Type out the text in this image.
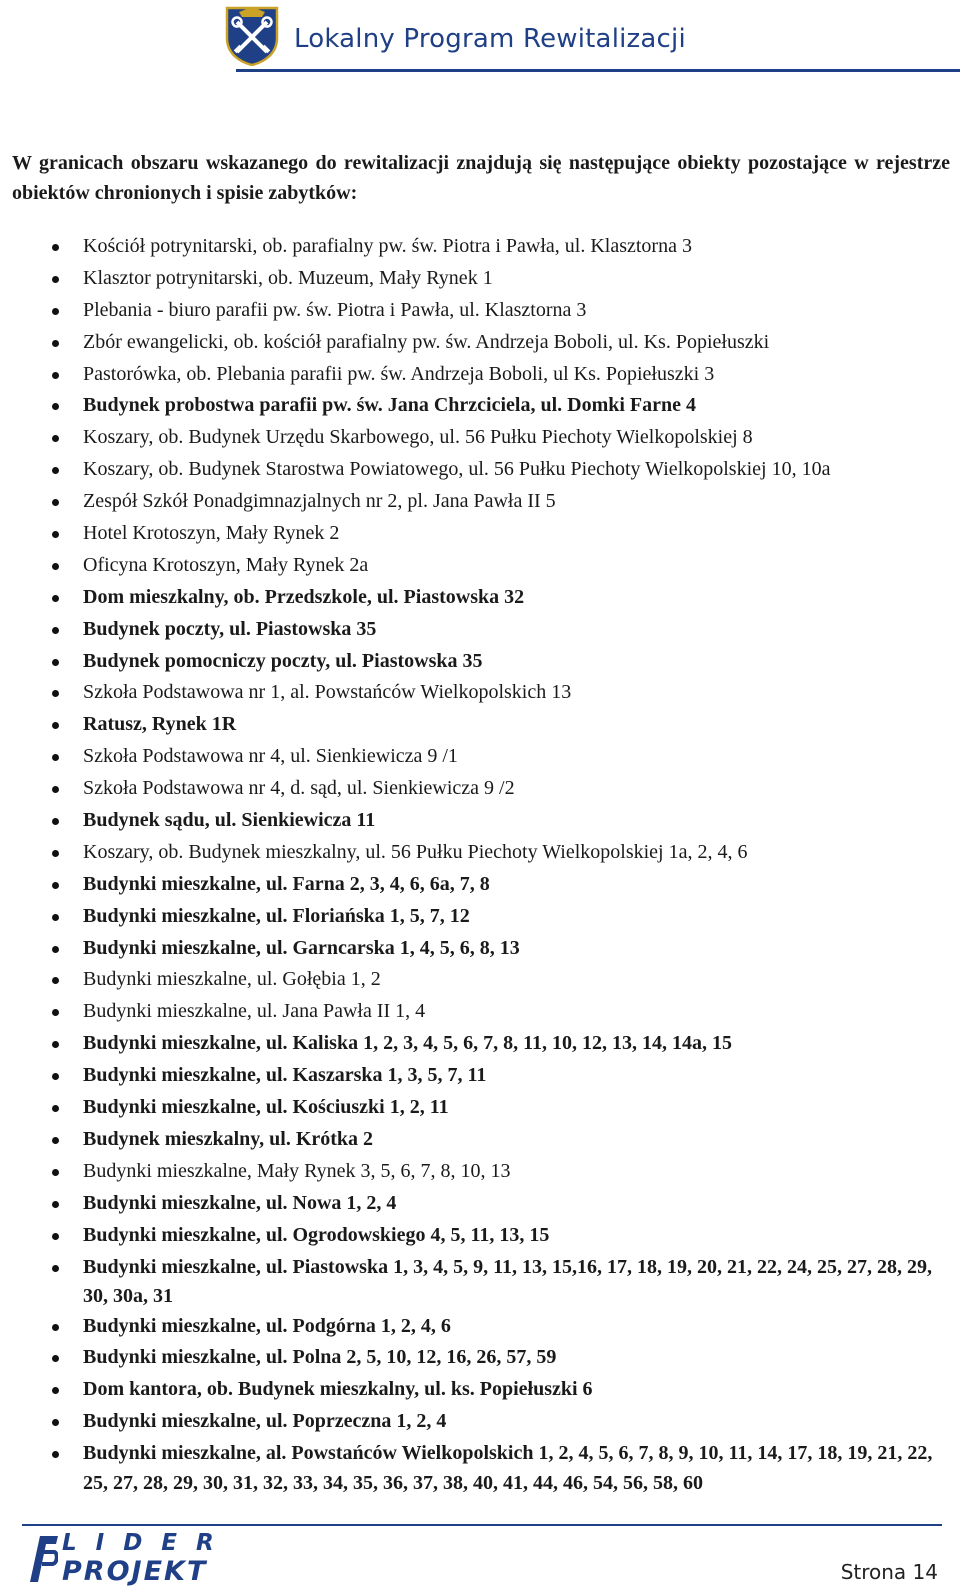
Lokalny Program Rewitalizacji
W granicach obszaru wskazanego do rewitalizacji znajdują się następujące obiekty pozostające w rejestrze obiektów chronionych i spisie zabytków:
Kościół potrynitarski, ob. parafialny pw. św. Piotra i Pawła, ul. Klasztorna 3
Klasztor potrynitarski, ob. Muzeum, Mały Rynek 1
Plebania - biuro parafii pw. św. Piotra i Pawła, ul. Klasztorna 3
Zbór ewangelicki, ob. kościół parafialny pw. św. Andrzeja Boboli, ul. Ks. Popiełuszki
Pastorówka, ob. Plebania parafii pw. św. Andrzeja Boboli, ul Ks. Popiełuszki 3
Budynek probostwa parafii pw. św. Jana Chrzciciela, ul. Domki Farne 4
Koszary, ob. Budynek Urzędu Skarbowego, ul. 56 Pułku Piechoty Wielkopolskiej 8
Koszary, ob. Budynek Starostwa Powiatowego, ul. 56 Pułku Piechoty Wielkopolskiej 10, 10a
Zespół Szkół Ponadgimnazjalnych nr 2, pl. Jana Pawła II 5
Hotel Krotoszyn, Mały Rynek 2
Oficyna Krotoszyn, Mały Rynek 2a
Dom mieszkalny, ob. Przedszkole, ul. Piastowska 32
Budynek poczty, ul. Piastowska 35
Budynek pomocniczy poczty, ul. Piastowska 35
Szkoła Podstawowa nr 1, al. Powstańców Wielkopolskich 13
Ratusz, Rynek 1R
Szkoła Podstawowa nr 4, ul. Sienkiewicza 9 /1
Szkoła Podstawowa nr 4, d. sąd, ul. Sienkiewicza 9 /2
Budynek sądu, ul. Sienkiewicza 11
Koszary, ob. Budynek mieszkalny, ul. 56 Pułku Piechoty Wielkopolskiej 1a, 2, 4, 6
Budynki mieszkalne, ul. Farna 2, 3, 4, 6, 6a, 7, 8
Budynki mieszkalne, ul. Floriańska 1, 5, 7, 12
Budynki mieszkalne, ul. Garncarska 1, 4, 5, 6, 8, 13
Budynki mieszkalne, ul. Gołębia 1, 2
Budynki mieszkalne, ul. Jana Pawła II 1, 4
Budynki mieszkalne, ul. Kaliska 1, 2, 3, 4, 5, 6, 7, 8, 11, 10, 12, 13, 14, 14a, 15
Budynki mieszkalne, ul. Kaszarska 1, 3, 5, 7, 11
Budynki mieszkalne, ul. Kościuszki 1, 2, 11
Budynek mieszkalny, ul. Krótka 2
Budynki mieszkalne, Mały Rynek 3, 5, 6, 7, 8, 10, 13
Budynki mieszkalne, ul. Nowa 1, 2, 4
Budynki mieszkalne, ul. Ogrodowskiego 4, 5, 11, 13, 15
Budynki mieszkalne, ul. Piastowska 1, 3, 4, 5, 9, 11, 13, 15,16, 17, 18, 19, 20, 21, 22, 24, 25, 27, 28, 29, 30, 30a, 31
Budynki mieszkalne, ul. Podgórna 1, 2, 4, 6
Budynki mieszkalne, ul. Polna 2, 5, 10, 12, 16, 26, 57, 59
Dom kantora, ob. Budynek mieszkalny, ul. ks. Popiełuszki 6
Budynki mieszkalne, ul. Poprzeczna 1, 2, 4
Budynki mieszkalne, al. Powstańców Wielkopolskich 1, 2, 4, 5, 6, 7, 8, 9, 10, 11, 14, 17, 18, 19, 21, 22, 25, 27, 28, 29, 30, 31, 32, 33, 34, 35, 36, 37, 38, 40, 41, 44, 46, 54, 56, 58, 60
LIDER
PROJEKT	Strona 14
